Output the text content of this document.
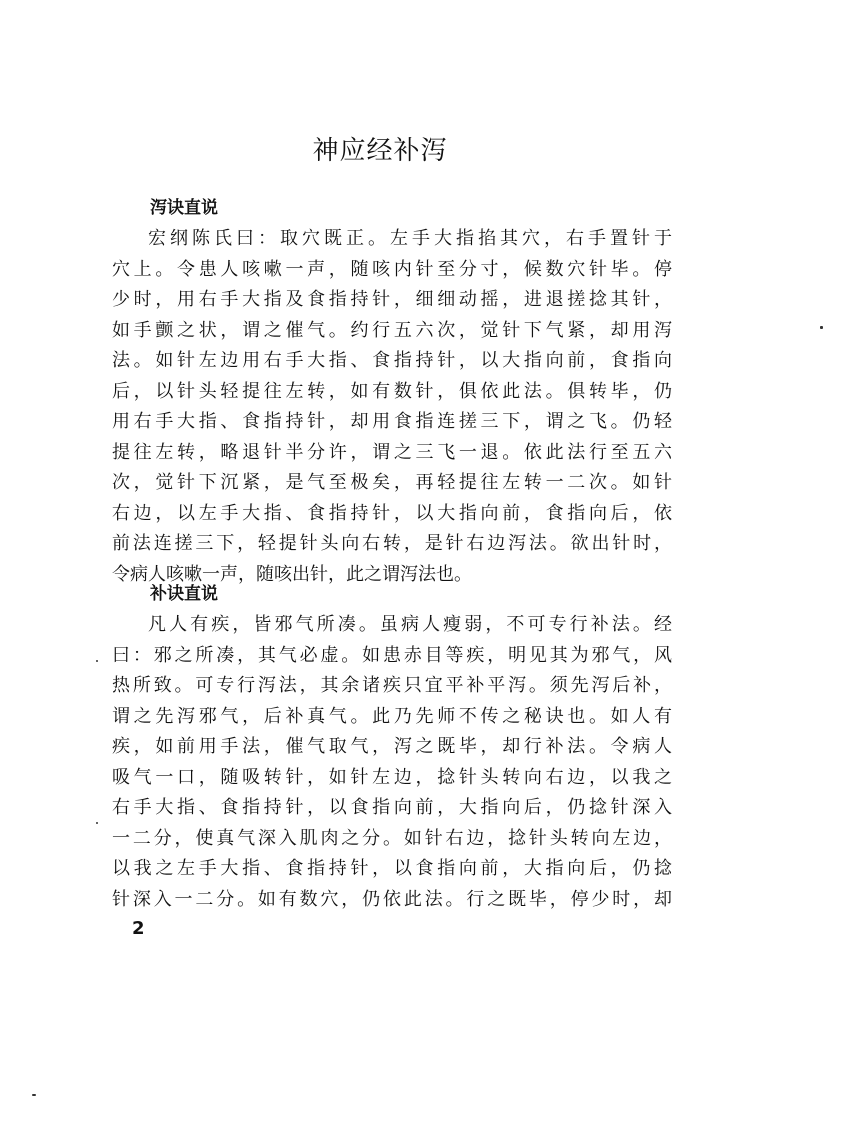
神应经补泻
泻诀直说
宏纲陈氏曰：取穴既正。左手大指掐其穴，右手置针于
穴上。令患人咳嗽一声，随咳内针至分寸，候数穴针毕。停
少时，用右手大指及食指持针，细细动摇，进退搓捻其针，
如手颤之状，谓之催气。约行五六次，觉针下气紧，却用泻
法。如针左边用右手大指、食指持针，以大指向前，食指向
后，以针头轻提往左转，如有数针，俱依此法。俱转毕，仍
用右手大指、食指持针，却用食指连搓三下，谓之飞。仍轻
提往左转，略退针半分许，谓之三飞一退。依此法行至五六
次，觉针下沉紧，是气至极矣，再轻提往左转一二次。如针
右边，以左手大指、食指持针，以大指向前，食指向后，依
前法连搓三下，轻提针头向右转，是针右边泻法。欲出针时，
令病人咳嗽一声，随咳出针，此之谓泻法也。
补诀直说
凡人有疾，皆邪气所凑。虽病人瘦弱，不可专行补法。经
曰：邪之所凑，其气必虚。如患赤目等疾，明见其为邪气，风
热所致。可专行泻法，其余诸疾只宜平补平泻。须先泻后补，
谓之先泻邪气，后补真气。此乃先师不传之秘诀也。如人有
疾，如前用手法，催气取气，泻之既毕，却行补法。令病人
吸气一口，随吸转针，如针左边，捻针头转向右边，以我之
右手大指、食指持针，以食指向前，大指向后，仍捻针深入
一二分，使真气深入肌肉之分。如针右边，捻针头转向左边，
以我之左手大指、食指持针，以食指向前，大指向后，仍捻
针深入一二分。如有数穴，仍依此法。行之既毕，停少时，却
2
